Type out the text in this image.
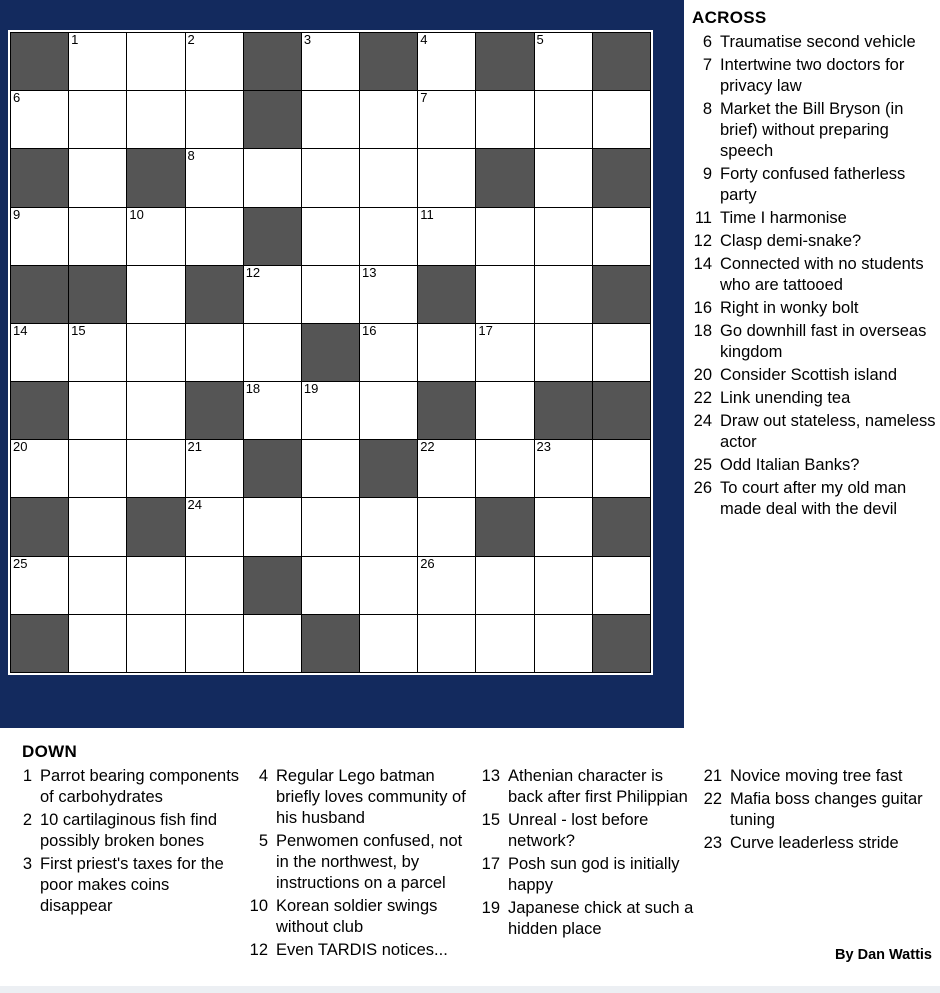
	1		2		3		4		5	

6							7			

			8							

9		10					11			

				12		13				

14	15					16		17		

				18	19					

20			21				22		23	

			24							

25							26			

ACROSS
6 Traumatise second vehicle
7 Intertwine two doctors for privacy law
8 Market the Bill Bryson (in brief) without preparing speech
9 Forty confused fatherless party
11 Time I harmonise
12 Clasp demi-snake?
14 Connected with no students who are tattooed
16 Right in wonky bolt
18 Go downhill fast in overseas kingdom
20 Consider Scottish island
22 Link unending tea
24 Draw out stateless, nameless actor
25 Odd Italian Banks?
26 To court after my old man made deal with the devil
DOWN
1 Parrot bearing components of carbohydrates
2 10 cartilaginous fish find possibly broken bones
3 First priest's taxes for the poor makes coins disappear
4 Regular Lego batman briefly loves community of his husband
5 Penwomen confused, not in the northwest, by instructions on a parcel
10 Korean soldier swings without club
12 Even TARDIS notices...
13 Athenian character is back after first Philippian
15 Unreal - lost before network?
17 Posh sun god is initially happy
19 Japanese chick at such a hidden place
21 Novice moving tree fast
22 Mafia boss changes guitar tuning
23 Curve leaderless stride
By Dan Wattis
